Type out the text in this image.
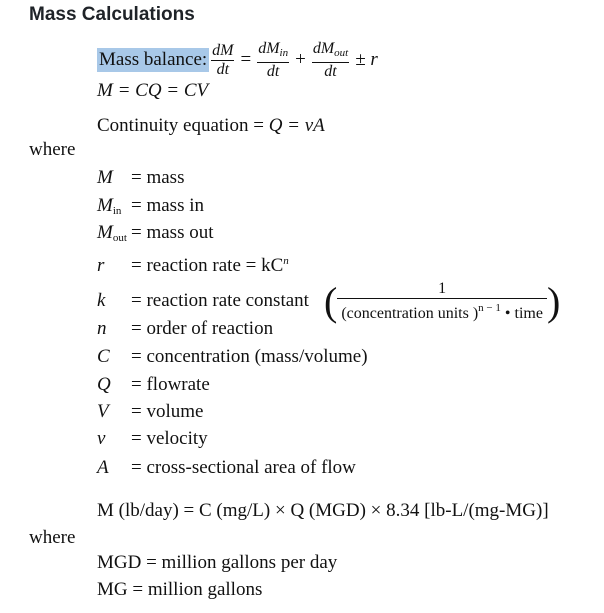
Mass Calculations
Mass balance: $\frac{dM}{dt} = \frac{dM_{in}}{dt} + \frac{dM_{out}}{dt} \pm r$
M = CQ = CV
Continuity equation = Q = vA
where
M = mass
$M_{in}$ = mass in
$M_{out}$ = mass out
r = reaction rate = $kC^n$
k = reaction rate constant
n = order of reaction
C = concentration (mass/volume)
Q = flowrate
V = volume
v = velocity
A = cross-sectional area of flow
( $\frac{1}{(concentration units )^{n - 1} • time}$ )
M (lb/day) = C (mg/L) × Q (MGD) × 8.34 [lb-L/(mg-MG)]
where
MGD = million gallons per day
MG = million gallons
